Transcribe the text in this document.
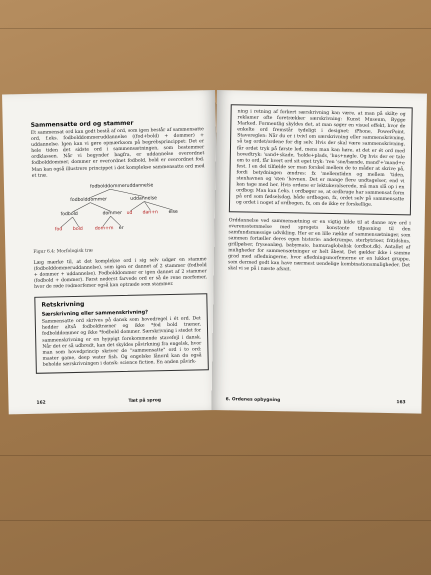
Sammensatte ord og stammer

Et sammensat ord kan godt bestå af ord, som igen består af sammensatte ord, f.eks. fodbolddommeruddannelse ((fod+bold) + dommer) + uddannelse. Igen kan vi gøre opmærksom på begrebsprincippet: Det er hele tiden det sidste ord i sammensætningen, som bestemmer ordklassen. Når vi begynder bagfra, er uddannelse overordnet fodbolddommer, dommer er overordnet fodbold, bold er overordnet fod. Man kan også illustrere princippet i det komplekse sammensatte ord med et træ.

fodbolddommeruddannelse
fodbolddommer	uddannelse
fodbold	dommer ud dan+n else
fod bold	dom+m er

Figur 6.4: Morfologisk træ

Læg mærke til, at det komplekse ord i sig selv udgør en stamme (fodbolddommeruddannelse), som igen er dannet af 2 stammer (fodbold + dommer + uddannelse). Fodbolddommer er igen dannet af 2 stammer (fodbold + dommer). Først nederst farvede ord er så de rene morfemer, hvor de røde rodmorfemer også kan optræde som stammer.

Retskrivning
Særskrivning eller sammenskrivning?

Sammensatte ord skrives på dansk som hovedregel i ét ord. Det hedder altså fodboldtræner og ikke *fod bold træner, fodbolddommer og ikke *fodbold dommer. Særskrivning i stedet for sammenskrivning er en hyppigt forekommende stavefejl i dansk. Når det er så udbredt, kan det skyldes påvirkning fra engelsk, hvor man som hovedprincip skriver de "sammensatte" ord i to ord: master game, deep water fish. Og engelske lånord kan da også beholde særskrivningen i dansk: science fiction. En anden påvirk-

162	Tæt på sprog

ning i retning af forkert særskrivning kan være, at man på skilte og reklamer ofte foretrækker særskrivning: Kunst Museum, Bygge Marked. Formentlig skyldes det, at man søger en visuel effekt, hvor de enkelte ord fremstår tydeligt i designet: iPhone, PowerPoint. Stavereglen: Når du er i tvivl om særskrivning eller sammenskrivning, så tag ordet/ordene for dig selv. Hvis der skal være sammenskrivning, får ordet tryk på første led, mens man kan høre, at det er ét ord med hovedtryk: 'sand+skade, 'holde+plads, 'hus+nøgle. Og hvis der er tale om to ord, får hvert ord sit eget tryk: 'ren 'sne/hænde, mand'+'mand+e fest. I en del tilfælde ser man forskel mellem de to måder at skrive på, fordi betydningen ændres: fx 'mellemtiden og mellem 'tiden, stenhavnen og 'sten 'havnen. Det er mange flere undtagelser, end vi kan tage med her. Hvis ordene er lektukeralserede, må man slå op i en ordbog: Man kan f.eks. i ordbøger se, at ordbruge har sammensat form på ord som fødselsdag, både ordbogen, fx, ordet selv på sammensatte og ordet i noget af ordbogen, fx, om de ikke er forskellige.

Orddannelse ved sammensætning er en vigtig kilde til at danne nye ord i overensstemmelse med sprogets konstante tilpasning til den samfundsmæssige udvikling. Her er en lille række af sammensætninger, som sammen fortæller deres egen historie: andetrumpe, sterbytrioer, fritidshus, grillpølser, fryseanlæg, babymaio, hamuraglobalisk (ordbot.dk). Antallet af muligheder for sammensætninger er helt åbent. Det gælder ikke i samme grad med afledningerne, hvor afledningsmorfemerne er en lukket gruppe, som dermed godt kan have nærmest uendelige kombinationsmuligheder. Det skal vi se på i næste afsnit.

6. Ordenes opbygning	163
